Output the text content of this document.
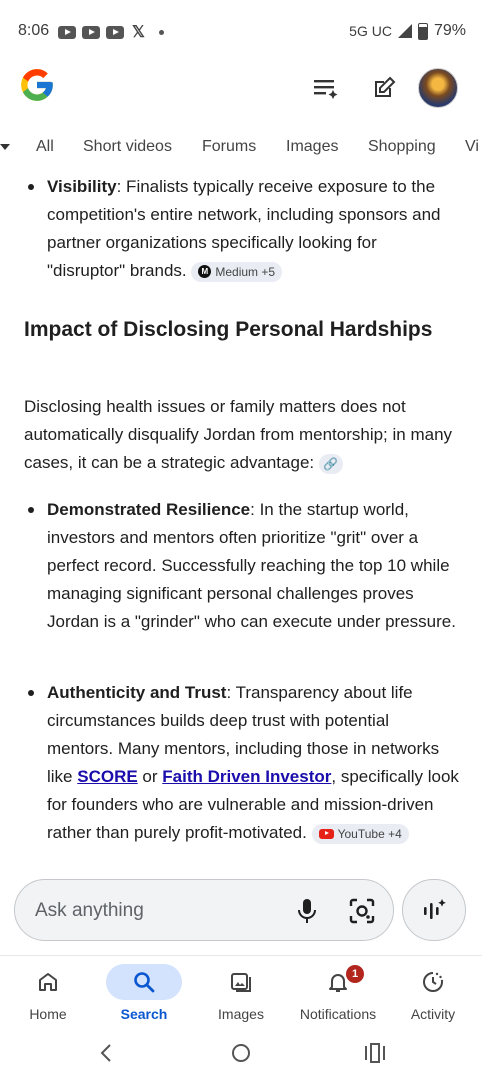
8:06	𝕏	5G UC	79%
All Short videos Forums Images Shopping Vi
Visibility: Finalists typically receive exposure to the competition's entire network, including sponsors and partner organizations specifically looking for "disruptor" brands.	M Medium +5
Impact of Disclosing Personal Hardships
Disclosing health issues or family matters does not automatically disqualify Jordan from mentorship; in many cases, it can be a strategic advantage: 🔗
Demonstrated Resilience: In the startup world, investors and mentors often prioritize "grit" over a perfect record. Successfully reaching the top 10 while managing significant personal challenges proves Jordan is a "grinder" who can execute under pressure.
Authenticity and Trust: Transparency about life circumstances builds deep trust with potential mentors. Many mentors, including those in networks like SCORE or Faith Driven Investor, specifically look for founders who are vulnerable and mission-driven rather than purely profit-motivated.	YouTube +4
Ask anything
Home	Search	Images
1
Notifications Activity
